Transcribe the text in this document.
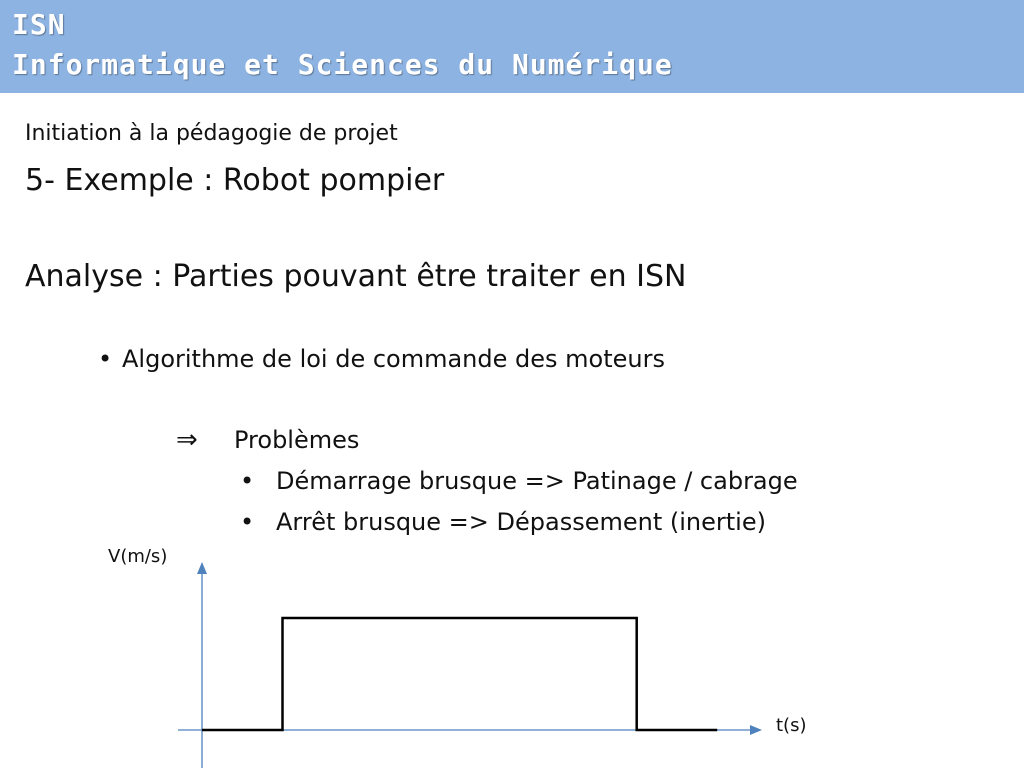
ISN
Informatique et Sciences du Numérique
Initiation à la pédagogie de projet
5- Exemple : Robot pompier
Analyse : Parties pouvant être traiter en ISN
• Algorithme de loi de commande des moteurs
⇒ Problèmes
• Démarrage brusque => Patinage / cabrage
• Arrêt brusque => Dépassement (inertie)
V(m/s)
t(s)
